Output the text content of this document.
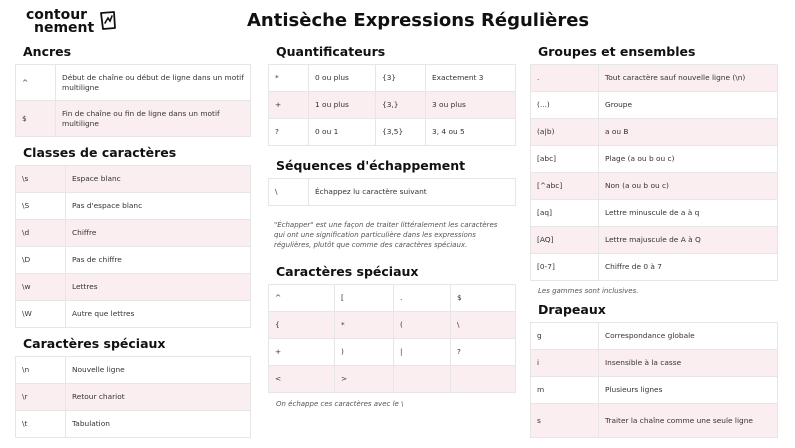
contour
nement	Antisèche Expressions Régulières
Ancres
^	Début de chaîne ou début de ligne dans un motif multiligne
$	Fin de chaîne ou fin de ligne dans un motif multiligne
Classes de caractères
\s	Espace blanc
\S	Pas d'espace blanc
\d	Chiffre
\D	Pas de chiffre
\w	Lettres
\W	Autre que lettres
Caractères spéciaux
\n	Nouvelle ligne
\r	Retour chariot
\t	Tabulation
Quantificateurs
*	0 ou plus	{3}	Exactement 3
+	1 ou plus	{3,}	3 ou plus
?	0 ou 1	{3,5}	3, 4 ou 5
Séquences d'échappement
\	Échappez lu caractère suivant
"Échapper" est une façon de traiter littéralement les caractères qui ont une signification particulière dans les expressions régulières, plutôt que comme des caractères spéciaux.
Caractères spéciaux
^	[	.	$
{	*	(	\
+	)	|	?
<	>		
On échappe ces caractères avec le \
Groupes et ensembles
.	Tout caractère sauf nouvelle ligne (\n)
(...)	Groupe
(a|b)	a ou B
[abc]	Plage (a ou b ou c)
[^abc]	Non (a ou b ou c)
[aq]	Lettre minuscule de a à q
[AQ]	Lettre majuscule de A à Q
[0-7]	Chiffre de 0 à 7
Les gammes sont inclusives.
Drapeaux
g	Correspondance globale
i	Insensible à la casse
m	Plusieurs lignes
s	Traiter la chaîne comme une seule ligne
